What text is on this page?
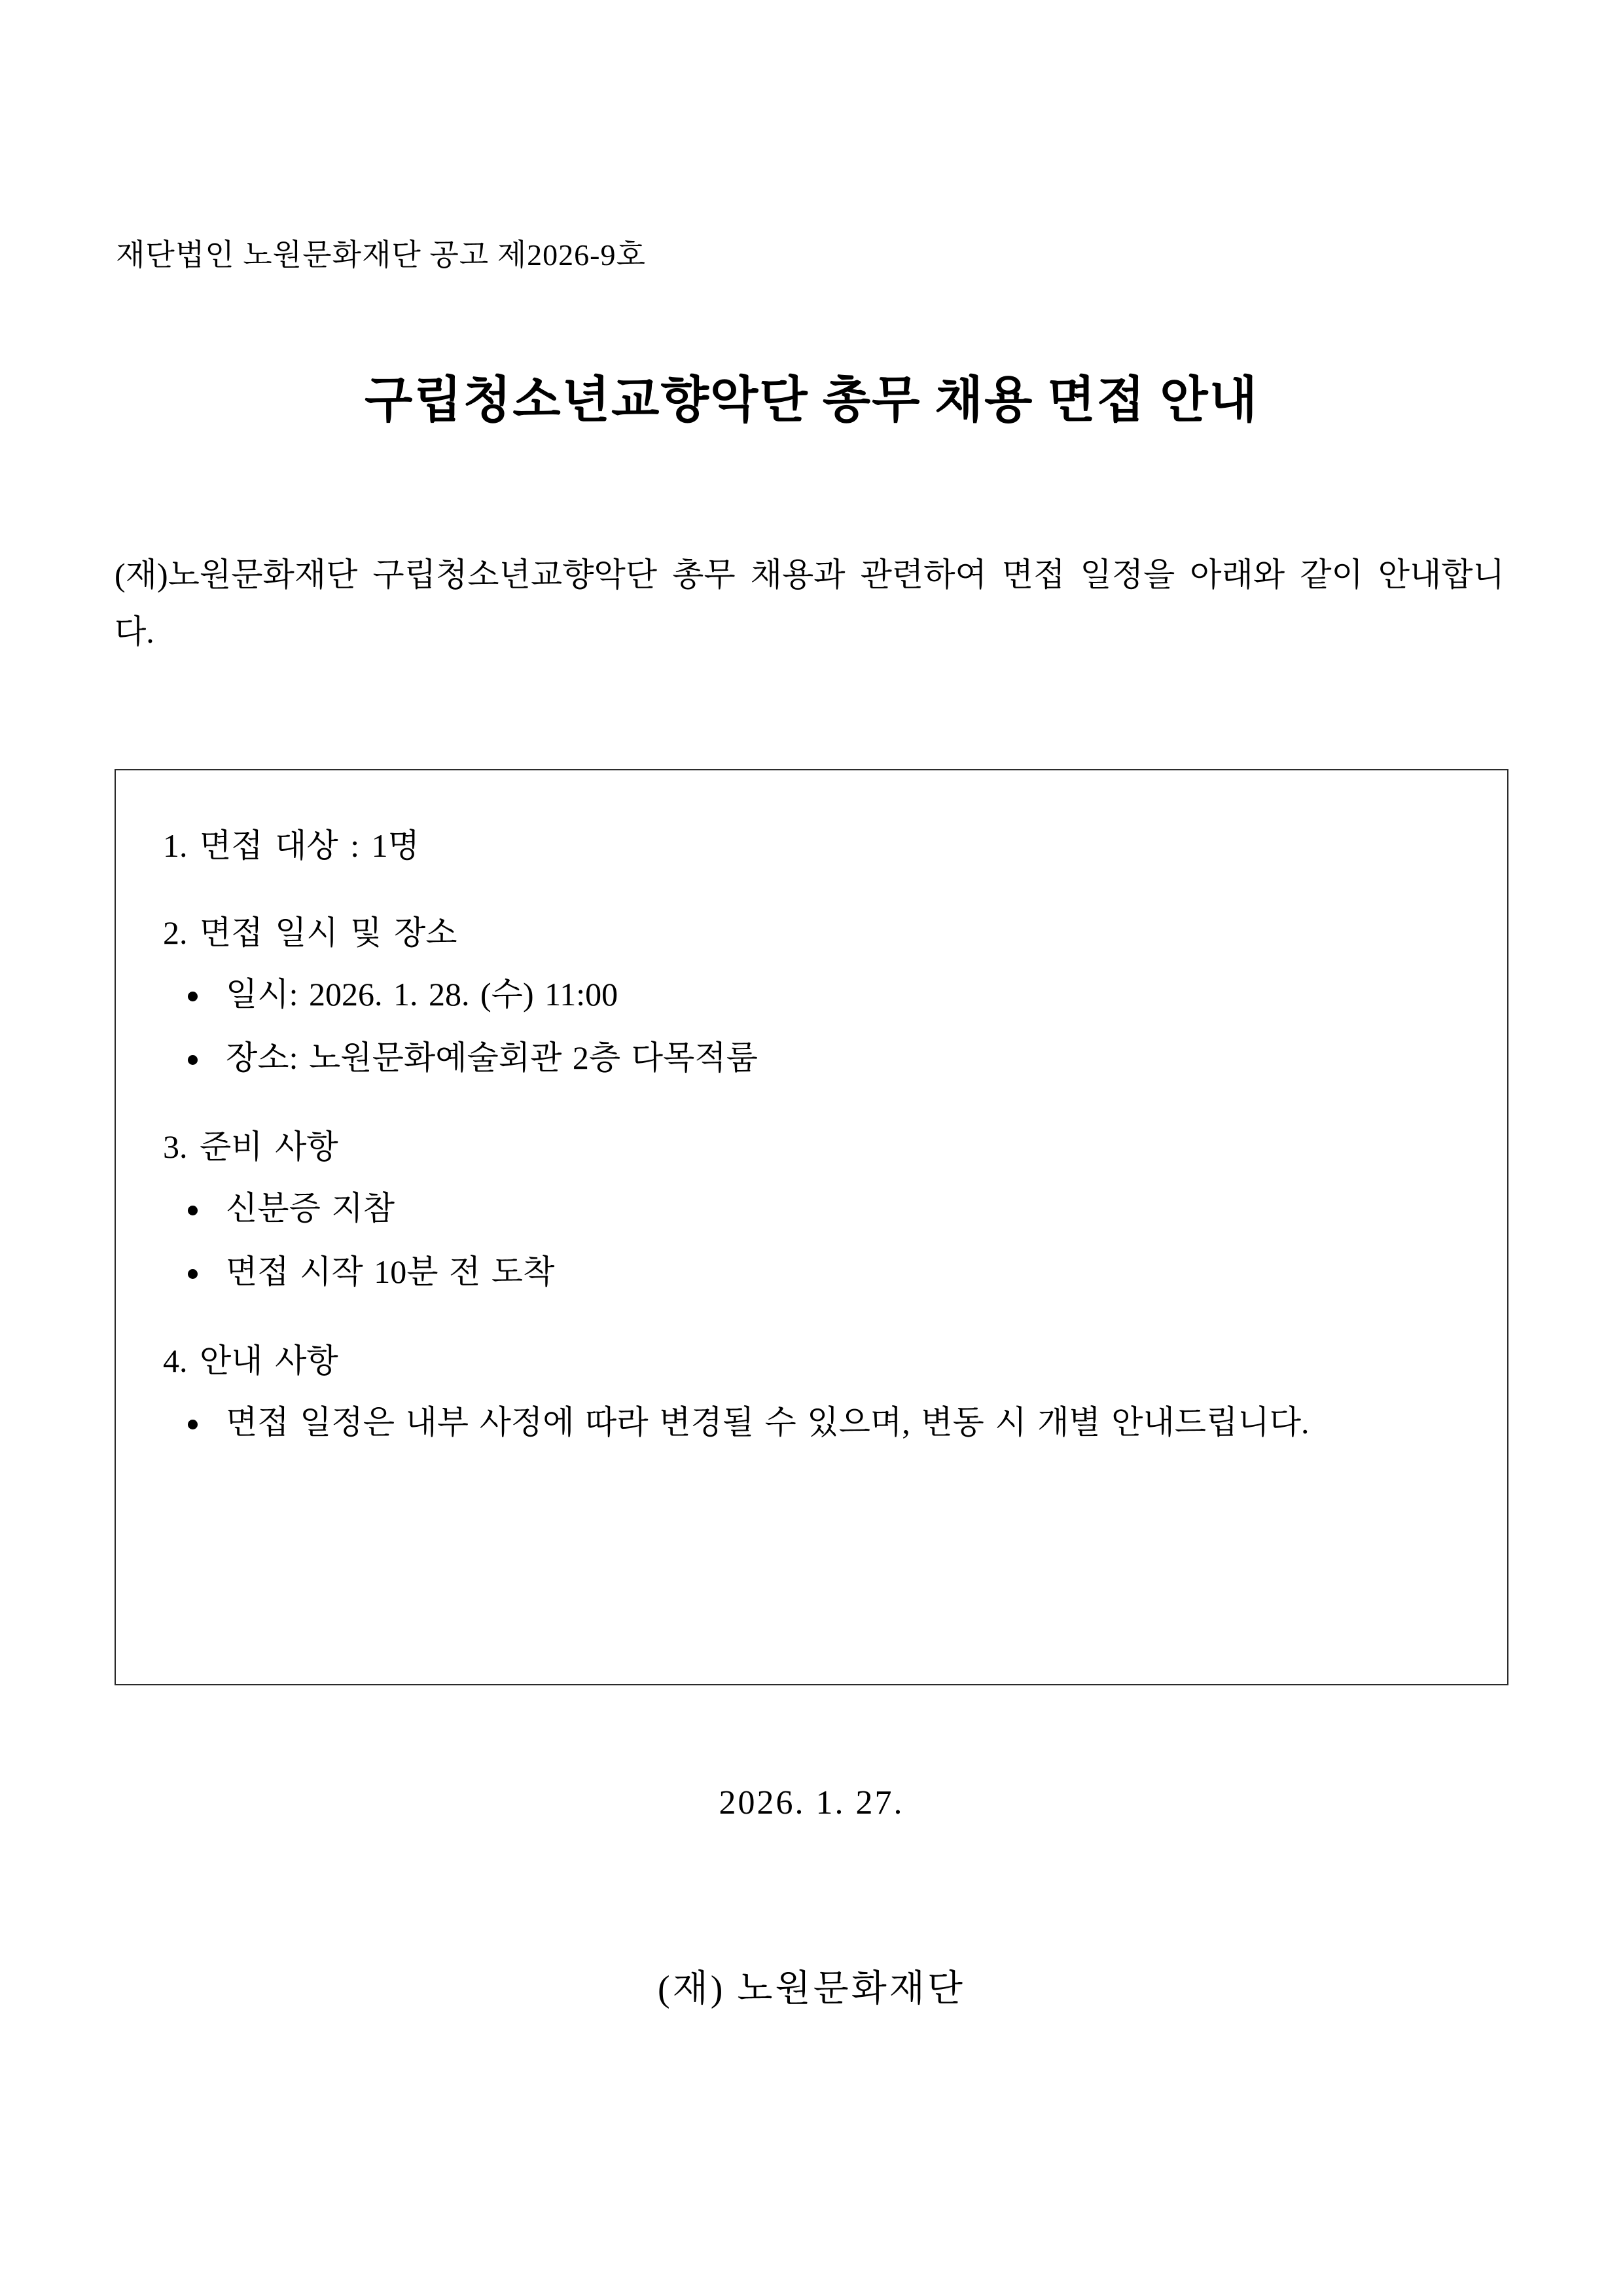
재단법인 노원문화재단 공고 제2026-9호
구립청소년교향악단 총무 채용 면접 안내

(재)노원문화재단 구립청소년교향악단 총무 채용과 관련하여 면접 일정을 아래와 같이 안내합니다.

1. 면접 대상 : 1명
2. 면접 일시 및 장소
일시: 2026. 1. 28. (수) 11:00
장소: 노원문화예술회관 2층 다목적룸
3. 준비 사항
신분증 지참
면접 시작 10분 전 도착
4. 안내 사항
면접 일정은 내부 사정에 따라 변경될 수 있으며, 변동 시 개별 안내드립니다.
2026. 1. 27.
(재) 노원문화재단
